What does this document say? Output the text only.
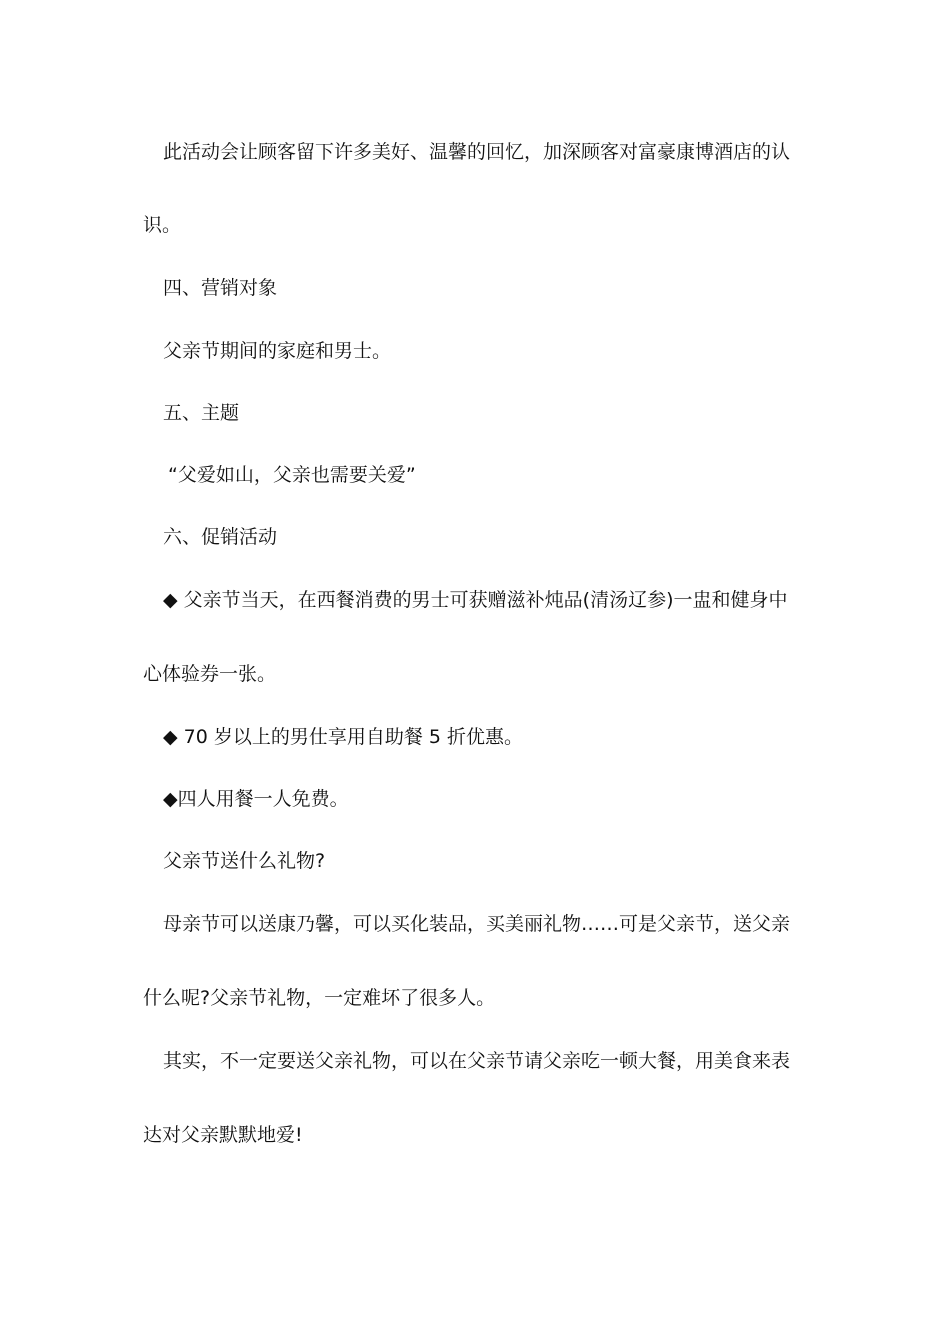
此活动会让顾客留下许多美好、温馨的回忆，加深顾客对富豪康博酒店的认
识。
四、营销对象
父亲节期间的家庭和男士。
五、主题
“父爱如山，父亲也需要关爱”
六、促销活动
◆ 父亲节当天，在西餐消费的男士可获赠滋补炖品(清汤辽参)一盅和健身中
心体验券一张。
◆ 70 岁以上的男仕享用自助餐 5 折优惠。
◆四人用餐一人免费。
父亲节送什么礼物?
母亲节可以送康乃馨，可以买化装品，买美丽礼物……可是父亲节，送父亲
什么呢?父亲节礼物，一定难坏了很多人。
其实，不一定要送父亲礼物，可以在父亲节请父亲吃一顿大餐，用美食来表
达对父亲默默地爱!
